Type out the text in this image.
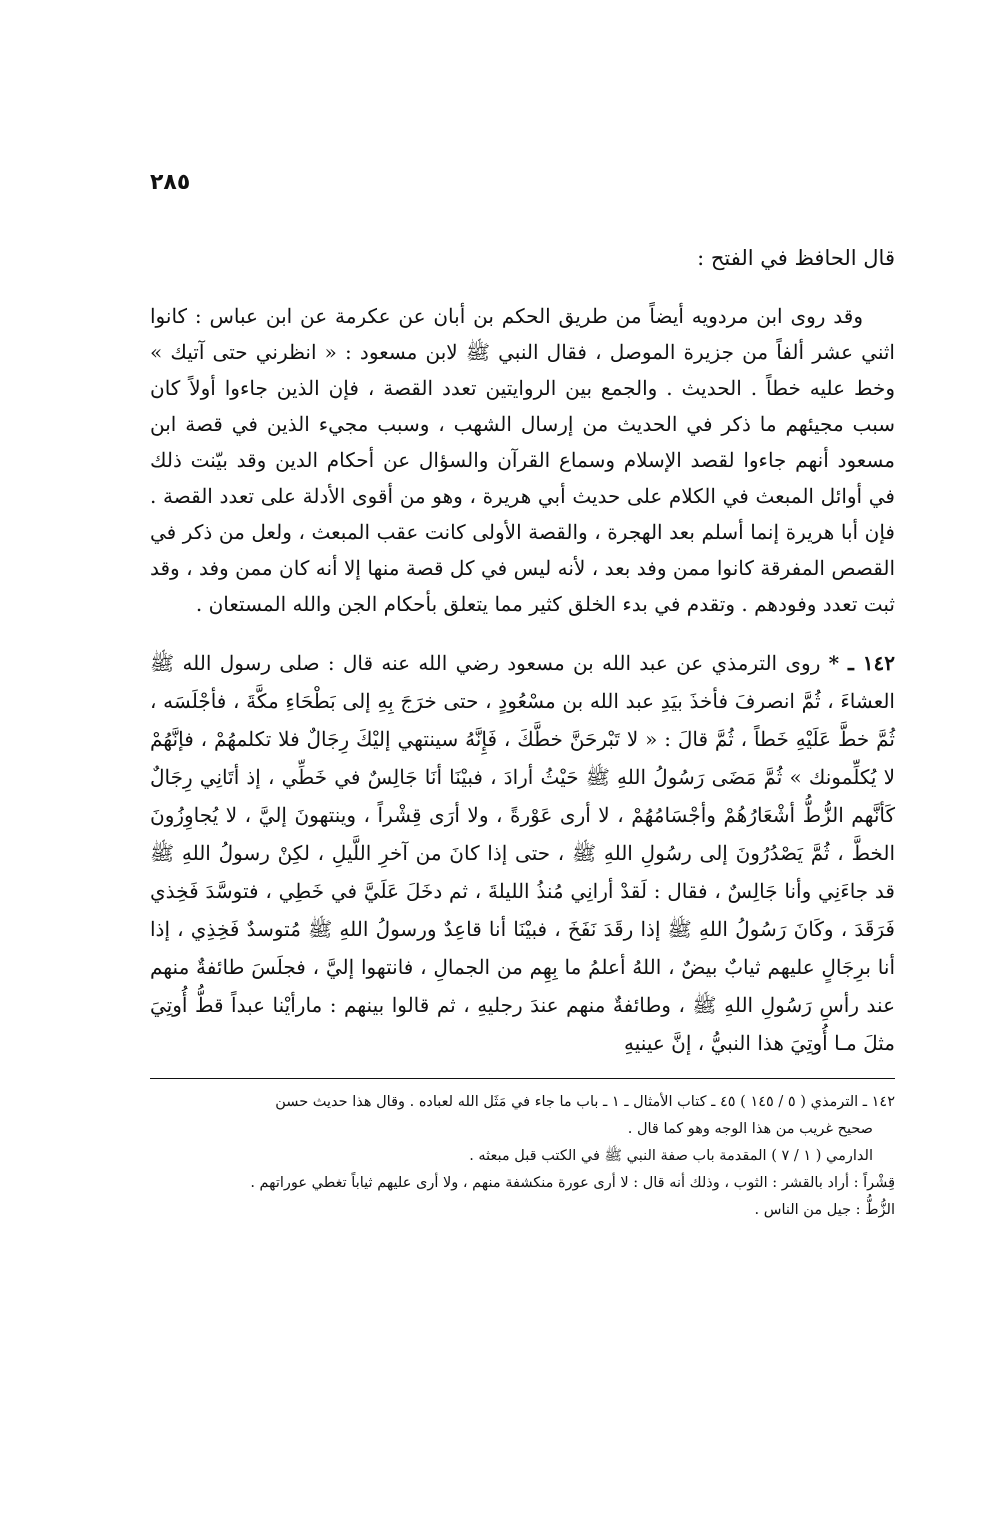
٢٨٥
قال الحافظ في الفتح :

وقد روى ابن مردويه أيضاً من طريق الحكم بن أبان عن عكرمة عن ابن عباس : كانوا اثني عشر ألفاً من جزيرة الموصل ، فقال النبي ﷺ لابن مسعود : « انظرني حتى آتيك » وخط عليه خطاً . الحديث . والجمع بين الروايتين تعدد القصة ، فإن الذين جاءوا أولاً كان سبب مجيئهم ما ذكر في الحديث من إرسال الشهب ، وسبب مجيء الذين في قصة ابن مسعود أنهم جاءوا لقصد الإسلام وسماع القرآن والسؤال عن أحكام الدين وقد بيّنت ذلك في أوائل المبعث في الكلام على حديث أبي هريرة ، وهو من أقوى الأدلة على تعدد القصة . فإن أبا هريرة إنما أسلم بعد الهجرة ، والقصة الأولى كانت عقب المبعث ، ولعل من ذكر في القصص المفرقة كانوا ممن وفد بعد ، لأنه ليس في كل قصة منها إلا أنه كان ممن وفد ، وقد ثبت تعدد وفودهم . وتقدم في بدء الخلق كثير مما يتعلق بأحكام الجن والله المستعان .

١٤٢ ـ * روى الترمذي عن عبد الله بن مسعود رضي الله عنه قال : صلى رسول الله ﷺ العشاءَ ، ثُمَّ انصرفَ فأخذَ بيَدِ عبد الله بن مسْعُودٍ ، حتى خرَجَ بِهِ إلى بَطْحَاءِ مكَّةَ ، فأجْلَسَه ، ثُمَّ خطَّ عَلَيْهِ خَطاً ، ثُمَّ قالَ : « لا تَبْرحَنَّ خطَّكَ ، فَإِنَّهُ سينتهي إليْكَ رِجَالٌ فلا تكلمهُمْ ، فإنَّهُمْ لا يُكلِّمونك » ثُمَّ مَضَى رَسُولُ اللهِ ﷺ حَيْثُ أرادَ ، فبيْنَا أنَا جَالِسٌ في خَطِّي ، إذ أتَانِي رِجَالٌ كَأنَّهم الزُّطُّ أشْعَارُهُمْ وأجْسَامُهُمْ ، لا أرى عَوْرةً ، ولا أرَى قِشْراً ، وينتهونَ إليَّ ، لا يُجاوِزُونَ الخطَّ ، ثُمَّ يَصْدُرُونَ إلى رسُولِ اللهِ ﷺ ، حتى إذا كانَ من آخرِ اللَّيلِ ، لكِنْ رسولُ اللهِ ﷺ قد جاءَنِي وأنا جَالِسٌ ، فقال : لَقدْ أرانِي مُنذُ الليلةَ ، ثم دخَلَ عَلَيَّ في خَطِي ، فتوسَّدَ فَخِذي فَرَقَدَ ، وكَانَ رَسُولُ اللهِ ﷺ إذا رقَدَ نَفَخَ ، فبيْنَا أنا قاعِدٌ ورسولُ اللهِ ﷺ مُتوسدٌ فَخِذِي ، إذا أنا برِجَالٍ عليهم ثيابٌ بيضٌ ، اللهُ أعلمُ ما بِهِم من الجمالِ ، فانتهوا إليَّ ، فجلَسَ طائفةٌ منهم عند رأسِ رَسُولِ اللهِ ﷺ ، وطائفةٌ منهم عندَ رجليهِ ، ثم قالوا بينهم : مارأيْنا عبداً قطُّ أُوتِيَ مثلَ مـا أُوتِيَ هذا النبيُّ ، إنَّ عينيهِ

١٤٢ ـ الترمذي ( ٥ / ١٤٥ ) ٤٥ ـ كتاب الأمثال ـ ١ ـ باب ما جاء في مَثَل الله لعباده . وقال هذا حديث حسن

صحيح غريب من هذا الوجه وهو كما قال .

الدارمي ( ١ / ٧ ) المقدمة باب صفة النبي ﷺ في الكتب قبل مبعثه .

قِشْراً : أراد بالقشر : الثوب ، وذلك أنه قال : لا أرى عورة منكشفة منهم ، ولا أرى عليهم ثياباً تغطي عوراتهم .

الزُّطُّ : جيل من الناس .
